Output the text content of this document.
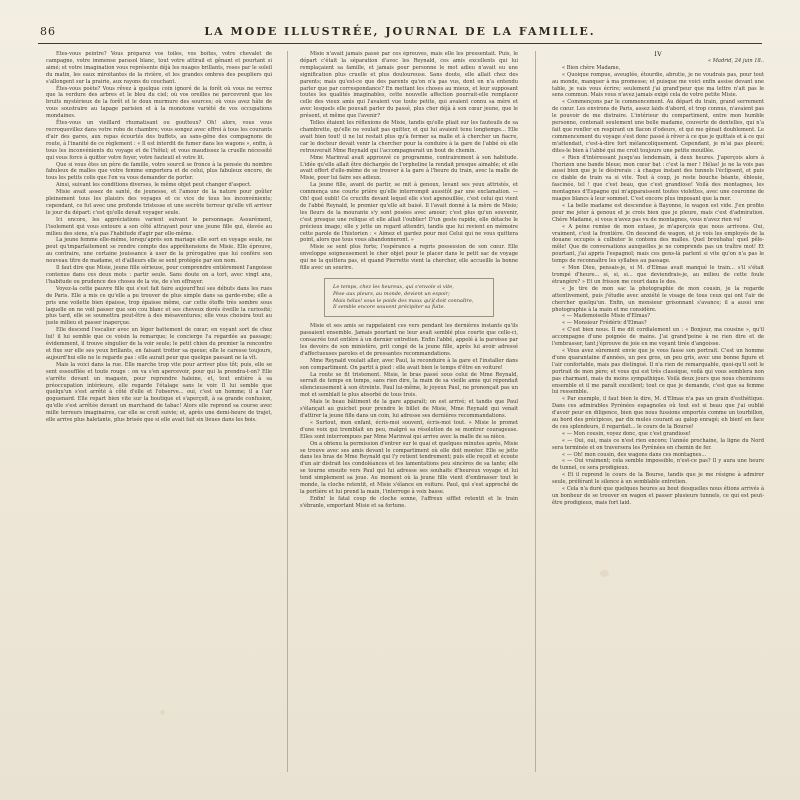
86	LA MODE ILLUSTRÉE, JOURNAL DE LA FAMILLE.

Êtes-vous peintre? Vous préparez vos toiles, vos boîtes, votre chevalet de campagne, votre immense parasol blanc, tout votre attirail et gênant et pourtant si aimé; et votre imagination vous représente déjà les nuages brillants, roses par le soleil du matin, les eaux miroitantes de la rivière, et les grandes ombres des peupliers qui s'allongent sur la prairie, aux rayons du couchant.

Êtes-vous poète? Vous rêvez à quelque coin ignoré de la forêt où vous ne verrez que la verdure des arbres et le bleu du ciel; où vos oreilles ne percevront que les bruits mystérieux de la forêt et le doux murmure des sources; où vous avez hâte de vous soustraire au tapage parisien et à la monotone variété de vos occupations mondaines.

Êtes-vous un vieillard rhumatisant ou goutteux? Oh! alors, vous vous recroquevillez dans votre robe de chambre; vous songez avec effroi à tous les courants d'air des gares, aux repas écourtés des buffets, au sans-gêne des compagnons de route, à l'inanité de ce règlement : « Il est interdit de fumer dans les wagons », enfin, à tous les inconvénients du voyage et de l'hôtel; et vous maudissez la cruelle nécessité qui vous force à quitter votre foyer, votre fauteuil et votre lit.

Que si vous êtes un père de famille, votre sourcil se fronce à la pensée du nombre fabuleux de malles que votre femme emportera et de celui, plus fabuleux encore, de tous les petits colis que l'on va vous demander de porter.

Ainsi, suivant les conditions diverses, le même objet peut changer d'aspect.

Misie avait assez de santé, de jeunesse, et l'amour de la nature pour goûter pleinement tous les plaisirs des voyages et ce vice de tous les inconvénients; cependant, ce fut avec une profonde tristesse et une secrète terreur qu'elle vit arriver le jour du départ: c'est qu'elle devait voyager seule.

Ici encore, les appréciations varient suivant le personnage. Assurément, l'isolement qui vous entoure a son côté attrayant pour une jeune fille qui, élevée au milieu des siens, n'a pas l'habitude d'agir par elle-même.

La jeune femme elle-même, lorsqu'après son mariage elle sort en voyage seule, ne peut qu'imparfaitement se rendre compte des appréhensions de Misie. Elle éprouve, au contraire, une certaine jouissance à user de la prérogative que lui confère son nouveau titre de madame, et d'ailleurs elle se sent protégée par son nom.

Il faut dire que Misie, jeune fille sérieuse, pour comprendre entièrement l'angoisse contenue dans ces deux mots : partir seule. Sans doute on a tort, avec vingt ans, l'habitude ou prudence des choses de la vie, de s'en effrayer.

Voyez-la cette pauvre fille qui s'est fait faire aujourd'hui ses débuts dans les rues de Paris. Elle a mis ce qu'elle a pu trouver de plus simple dans sa garde-robe; elle a pris une voilette bien épaisse, trop épaisse même, car cette étoffe très sombre sous laquelle on ne voit passer que son cou blanc et ses cheveux dorés éveille la curiosité; plus tard, elle se soumettra peut-être à des mésaventures; elle vous choisira tout au juste milieu et passer inaperçue.

Elle descend l'escalier avec un léger battement de cœur; en voyant sort de chez lui! il lui semble que ce voisin la remarque; le concierge l'a regardée au passage; évidemment, il trouve singulier de la voir seule; le petit chien du premier la rencontre et fixe sur elle ses yeux brillants, en faisant trotter sa queue; elle le caresse toujours, aujourd'hui elle ne le regarde pas : elle aurait peur que quelque passant ne la vît.

Mais la voici dans la rue. Elle marche trop vite pour arriver plus tôt; puis, elle se sent essoufflée et toute rouge : on va s'en apercevoir, pour qui la prendra-t-on? Elle s'arrête devant un magasin, pour reprendre haleine, et, tout entière à sa préoccupation intérieure, elle regarde l'étalage sans le voir. Il lui semble que quelqu'un s'est arrêté à côté d'elle et l'observe... oui, c'est un homme; il a l'air goguenard. Elle repart bien vite sur la boutique et s'aperçoit, à sa grande confusion, qu'elle s'est arrêtée devant un marchand de tabac! Alors elle reprend sa course avec mille terreurs imaginaires, car elle se croit suivie; et, après une demi-heure de trajet, elle arrive plus haletante, plus brisée que si elle avait fait six lieues dans les bois.

Misie n'avait jamais passé par ces épreuves, mais elle les pressentait. Puis, le départ c'était la séparation d'avec les Reynald, ces amis excellents qui lui remplaçaient sa famille, et jamais pour personne le mot adieu n'avait eu une signification plus cruelle et plus douloureuse. Sans doute, elle allait chez des parents; mais qu'est-ce que des parents qu'on n'a pas vus, dont on n'a entendu parler que par correspondance? En mettant les choses au mieux, et leur supposant toutes les qualités imaginables, cette nouvelle affection pourrait-elle remplacer celle des vieux amis qui l'avaient vue toute petite, qui avaient connu sa mère et avec lesquels elle pouvait parler du passé, plus cher déjà à son cœur jeune, que le présent, et même que l'avenir?

Telles étaient les réflexions de Misie, tandis qu'elle pliait sur les fauteuils de sa chambrette, qu'elle ne voulait pas quitter, et qui lui avaient tenu longtemps... Elle avait bien tout! il ne lui restait plus qu'à fermer sa malle et à chercher un fiacre, car le docteur devait venir la chercher pour la conduire à la gare de l'abbé où elle retrouverait Mme Reynald qui l'accompagnerait un bout de chemin.

Mme Marinval avait approuvé ce programme, contrairement à son habitude. L'idée qu'elle allait être déchargée de l'orpheline la rendait presque aimable; et elle avait offert d'elle-même de se trouver à la gare à l'heure du train, avec la malle de Misie, pour lui faire ses adieux.

La jeune fille, avant de partir, se mit à genoux, levant ses yeux attristés, et commença une courte prière qu'elle interrompit aussitôt par une exclamation. — Oh! quel oubli! Ce crucifix devant lequel elle s'est agenouillée, c'est celui qui vient de l'abbé Reynald, le premier qu'elle ait baisé. Il l'avait donné à la mère de Misie; les fleurs de la mourante s'y sont posées avec amour; c'est plus qu'un souvenir, c'est presque une relique et elle allait l'oublier! D'un geste rapide, elle détache le précieux image; elle y jette un regard attendri, tandis que lui revient en mémoire cette parole de l'historien : « Aimez et gardez pour moi Celui qui ne vous quittera point, alors que tous vous abandonneront. »

Misie se sent plus forte; l'espérance a repris possession de son cœur. Elle enveloppe soigneusement le cher objet pour le placer dans le petit sac de voyage qui ne la quittera pas, et quand Pierrette vient la chercher, elle accueille la bonne fille avec un sourire.

Le temps, chez les heureux, qui s'envole si vite,
Pèse aux pleurs, au monde, devient un espoir;
Mais hélas! sous le poids des maux qu'il doit connaître,
Il semble encore souvent précipiter sa fuite.

Misie et ses amis se rappelaient ces vers pendant les dernières instants qu'ils passaient ensemble. Jamais pourtant ne leur avait semblé plus courte que celle-ci, consacrée tout entière à un dernier entretien. Enfin l'abbé, appelé à la paroisse par les devoirs de son ministère, prit congé de la jeune fille, après lui avoir adressé d'affectueuses paroles et de pressantes recommandations.

Mme Reynald voulait aller, avec Paul, la reconduire à la gare et l'installer dans son compartiment. On partit à pied : elle avait bien le temps d'être en voiture!

La route se fit tristement. Misie, le bras passé sous celui de Mme Reynald, serrait de temps en temps, sans rien dire, la main de sa vieille amie qui répondait silencieusement à son étreinte. Paul lui-même, le joyeux Paul, ne prononçait pas un mot et semblait le plus absorbé de tous trois.

Mais le beau bâtiment de la gare apparaît; on est arrivé; et tandis que Paul s'élançait au guichet pour prendre le billet de Misie, Mme Reynald qui venait d'attirer la jeune fille dans un coin, lui adresse ses dernières recommandations.

« Surtout, mon enfant, écris-moi souvent, écris-moi tout. » Misie le promet d'une voix qui tremblait un peu, malgré sa résolution de se montrer courageuse. Elles sont interrompues par Mme Marinval qui arrive avec la malle de sa nièce.

On a obtenu la permission d'entrer sur le quai et quelques minutes après, Misie se trouve avec ses amis devant le compartiment où elle doit monter. Elle se jette dans les bras de Mme Reynald qui l'y retient tendrement; puis elle reçoit et écoute d'un air distrait les condoléances et les lamentations peu sincères de sa tante; elle se tourne ensuite vers Paul qui lui adresse ses souhaits d'heureux voyage et lui tend simplement sa joue. Au moment où la jeune fille vient d'embrasser tout le monde, la cloche retentit, et Misie s'élance en voiture. Paul, qui s'est approché de la portière et lui prend la main, l'interroge à voix basse.

Enfin! le fatal coup de cloche sonne, l'affreux sifflet retentit et le train s'ébranle, emportant Misie et sa fortune.

IV

« Madrid, 24 juin 18..

« Bien chère Madame,

« Quoique rompue, aveuglée, étourdie, abrutie, je ne voudrais pas, pour tout au monde, manquer à ma promesse; et puisque me voici enfin assise devant une table, je vais vous écrire; seulement j'ai grand'peur que ma lettre n'ait pas le sens commun. Mais vous n'avez jamais exigé cela de votre petite Misie.

« Commençons par le commencement. Au départ du train, grand serrement de cœur. Les environs de Paris, assez laids d'abord, et trop connus, n'avaient pas le pouvoir de me distraire. L'intérieur du compartiment, entre mon humble personne, contenait seulement une belle madame, couverte de dentelles, qui n'a fait que ronfler en respirant un flacon d'odeurs, et qui me gênait doublement. Le commencement du voyage s'est donc passé à rêver à ce que je quittais et à ce qui m'attendait, c'est-à-dire fort mélancoliquement. Cependant, je m'ai pas pleuré; dites-le bien à l'abbé qui me croit toujours une petite mouillée.

« Rien d'intéressant jusqu'au lendemain, à deux heures. J'aperçois alors à l'horizon une bande bleue; mon cœur bat : c'est la mer ! Hélas! je ne la vois pas aussi bien que je le désirerais : à chaque instant des tunnels l'éclipsent, et puis ce diable de train va si vite. Tout à coup, je reste bouche béante, éblouie, fascinée, tel ! que c'est beau, que c'est grandiose! Voilà des montagnes, les montagnes d'Espagne qui m'apparaissent toutes violettes, avec une couronne de nuages blancs à leur sommet. C'est encore plus imposant que la mer.

« La belle madame est descendue à Bayonne, le wagon est vide. J'en profite pour me jeter à genoux et je crois bien que je pleure, mais c'est d'admiration. Chère Madame, si vous n'avez pas vu de montagnes, vous n'avez rien vu!

« A peine remise de mon extase, je m'aperçois que nous arrivons. Oui, vraiment, c'est la frontière. On descend de wagon, et je vois les employés de la douane occupés à culbuter le contenu des malles. Quel brouhaha! quel pêle-mêle! Que de conversations auxquelles je ne comprends pas un traître mot! Et pourtant, j'ai appris l'espagnol; mais ces gens-là parlent si vite qu'on n'a pas le temps de reconnaître les syllabes au passage.

« Mon Dieu, pensais-je, si M. d'Elmas avait manqué le train... s'il s'était trompé d'heure... si, si, si... que deviendrais-je, au milieu de cette foule étrangère? » Et un frisson me court dans le dos.

« Je tire de mon sac la photographie de mon cousin, je la regarde attentivement, puis j'étudie avec anxiété le visage de tous ceux qui ont l'air de chercher quelqu'un. Enfin, un monsieur grisonnant s'avance; il a aussi une photographie à la main et me considère.

« — Mademoiselle Misie d'Elmas?

« — Monsieur Frédéric d'Elmas?

« C'est bien nous. Il me dit cordialement un : « Bonjour, ma cousine », qu'il accompagne d'une poignée de mains. J'ai grand'peine à ne rien dire et de l'embrasser, tant j'éprouve de joie en me voyant tirée d'angoisse.

« Vous avez sûrement envie que je vous fasse son portrait. C'est un homme d'une quarantaine d'années, un peu gros, un peu gris, avec une bonne figure et l'air confortable, mais pas distingué. Il n'a rien de remarquable, quoi-qu'il soit le portrait de mon père; et vous qui est très classique, voilà qui vous semblera non pas charmant, mais du moins sympathique. Voilà deux jours que nous cheminons ensemble et il me paraît excellent; tout ce que je demande, c'est que sa femme lui ressemble.

« Par exemple, il faut bien le dire, M. d'Elmas n'a pas un grain d'esthétique. Dans ces admirables Pyrénées espagnoles où tout est si beau que j'ai oublié d'avoir peur en diligence, bien que nous fussions emportés comme un tourbillon, au bord des précipices, par dix mules courant au galop enragé; eh bien! en face de ces splendeurs, il regardait... le cours de la Bourse!

« — Mon cousin, voyez donc, que c'est grandiose!

« — Oui, oui, mais ce n'est rien encore; l'année prochaine, la ligne du Nord sera terminée et on traversera les Pyrénées en chemin de fer.

« — Oh! mon cousin, des wagons dans ces montagnes...

« — Oui vraiment; cela semble impossible, n'est-ce pas? Il y aura une heure de tunnel, ce sera prodigieux.

« Et il reprend le cours de la Bourse, tandis que je me résigne à admirer seule, préférant le silence à un semblable entretien.

« Cela n'a duré que quelques heures au bout desquelles nous étions arrivés à un bonheur de se trouver en wagon et passer plusieurs tunnels, ce qui est peut-être prodigieux, mais fort laid.
